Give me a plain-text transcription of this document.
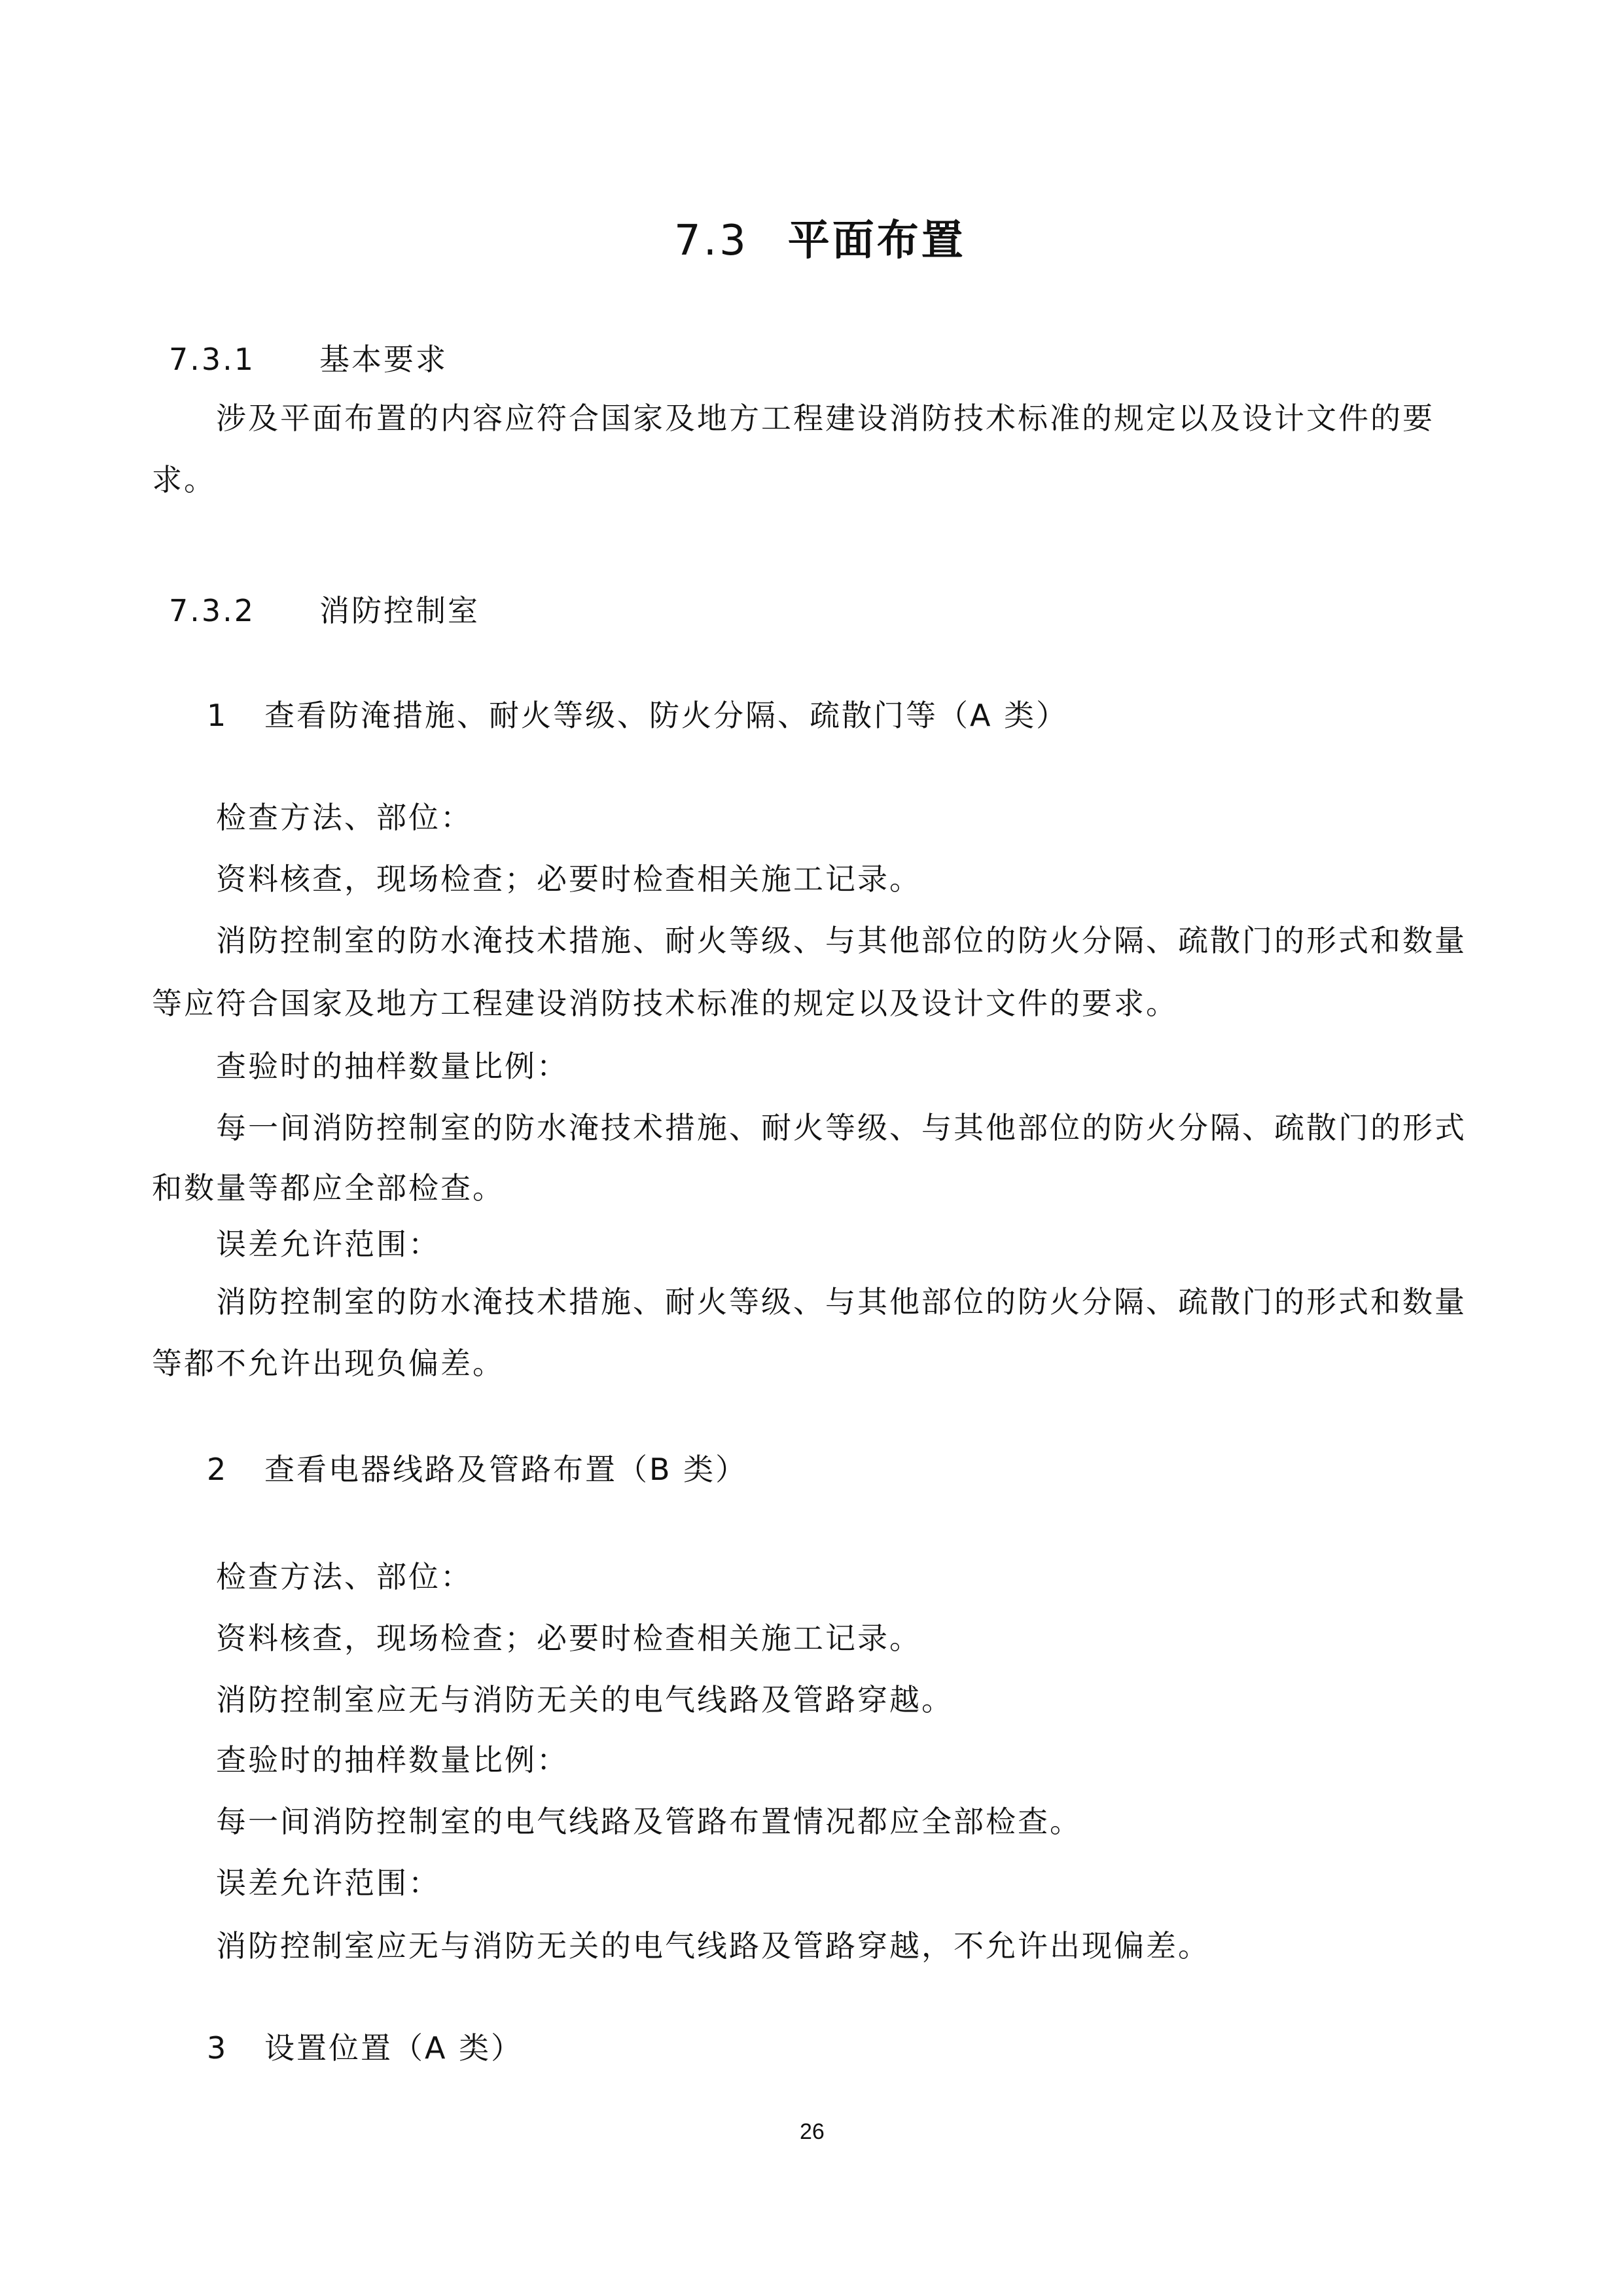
7.3 平面布置
7.3.1 基本要求
涉及平面布置的内容应符合国家及地方工程建设消防技术标准的规定以及设计文件的要
求。
7.3.2 消防控制室
1 查看防淹措施、耐火等级、防火分隔、疏散门等（A 类）
检查方法、部位：
资料核查，现场检查；必要时检查相关施工记录。
消防控制室的防水淹技术措施、耐火等级、与其他部位的防火分隔、疏散门的形式和数量
等应符合国家及地方工程建设消防技术标准的规定以及设计文件的要求。
查验时的抽样数量比例：
每一间消防控制室的防水淹技术措施、耐火等级、与其他部位的防火分隔、疏散门的形式
和数量等都应全部检查。
误差允许范围：
消防控制室的防水淹技术措施、耐火等级、与其他部位的防火分隔、疏散门的形式和数量
等都不允许出现负偏差。
2 查看电器线路及管路布置（B 类）
检查方法、部位：
资料核查，现场检查；必要时检查相关施工记录。
消防控制室应无与消防无关的电气线路及管路穿越。
查验时的抽样数量比例：
每一间消防控制室的电气线路及管路布置情况都应全部检查。
误差允许范围：
消防控制室应无与消防无关的电气线路及管路穿越，不允许出现偏差。
3 设置位置（A 类）
26
